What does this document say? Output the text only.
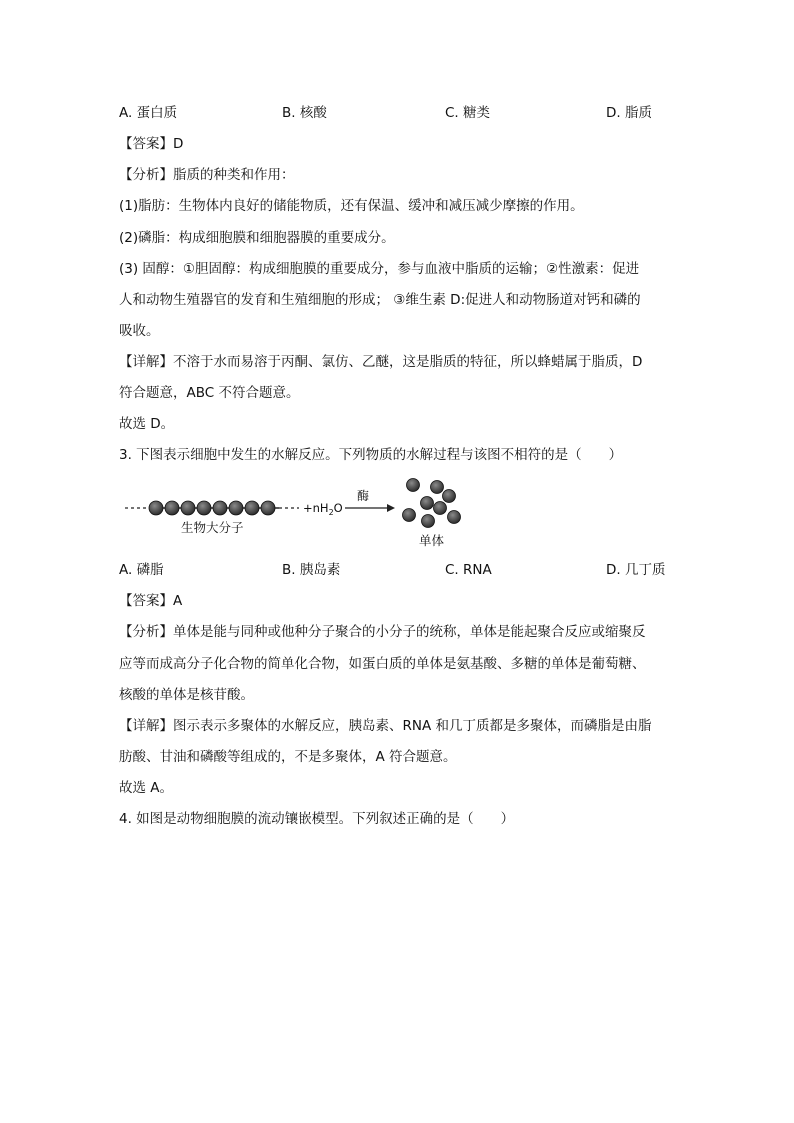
A. 蛋白质	B. 核酸	C. 糖类	D. 脂质
【答案】D
【分析】脂质的种类和作用：
(1)脂肪：生物体内良好的储能物质，还有保温、缓冲和减压减少摩擦的作用。
(2)磷脂：构成细胞膜和细胞器膜的重要成分。
(3) 固醇：①胆固醇：构成细胞膜的重要成分，参与血液中脂质的运输；②性激素：促进
人和动物生殖器官的发育和生殖细胞的形成； ③维生素 D:促进人和动物肠道对钙和磷的
吸收。
【详解】不溶于水而易溶于丙酮、氯仿、乙醚，这是脂质的特征，所以蜂蜡属于脂质，D
符合题意，ABC 不符合题意。
故选 D。
3. 下图表示细胞中发生的水解反应。下列物质的水解过程与该图不相符的是（　　）
生物大分子
$+nH_2O$
酶
单体
A. 磷脂	B. 胰岛素	C. RNA	D. 几丁质
【答案】A
【分析】单体是能与同种或他种分子聚合的小分子的统称，单体是能起聚合反应或缩聚反
应等而成高分子化合物的简单化合物，如蛋白质的单体是氨基酸、多糖的单体是葡萄糖、
核酸的单体是核苷酸。
【详解】图示表示多聚体的水解反应，胰岛素、RNA 和几丁质都是多聚体，而磷脂是由脂
肪酸、甘油和磷酸等组成的，不是多聚体，A 符合题意。
故选 A。
4. 如图是动物细胞膜的流动镶嵌模型。下列叙述正确的是（　　）
